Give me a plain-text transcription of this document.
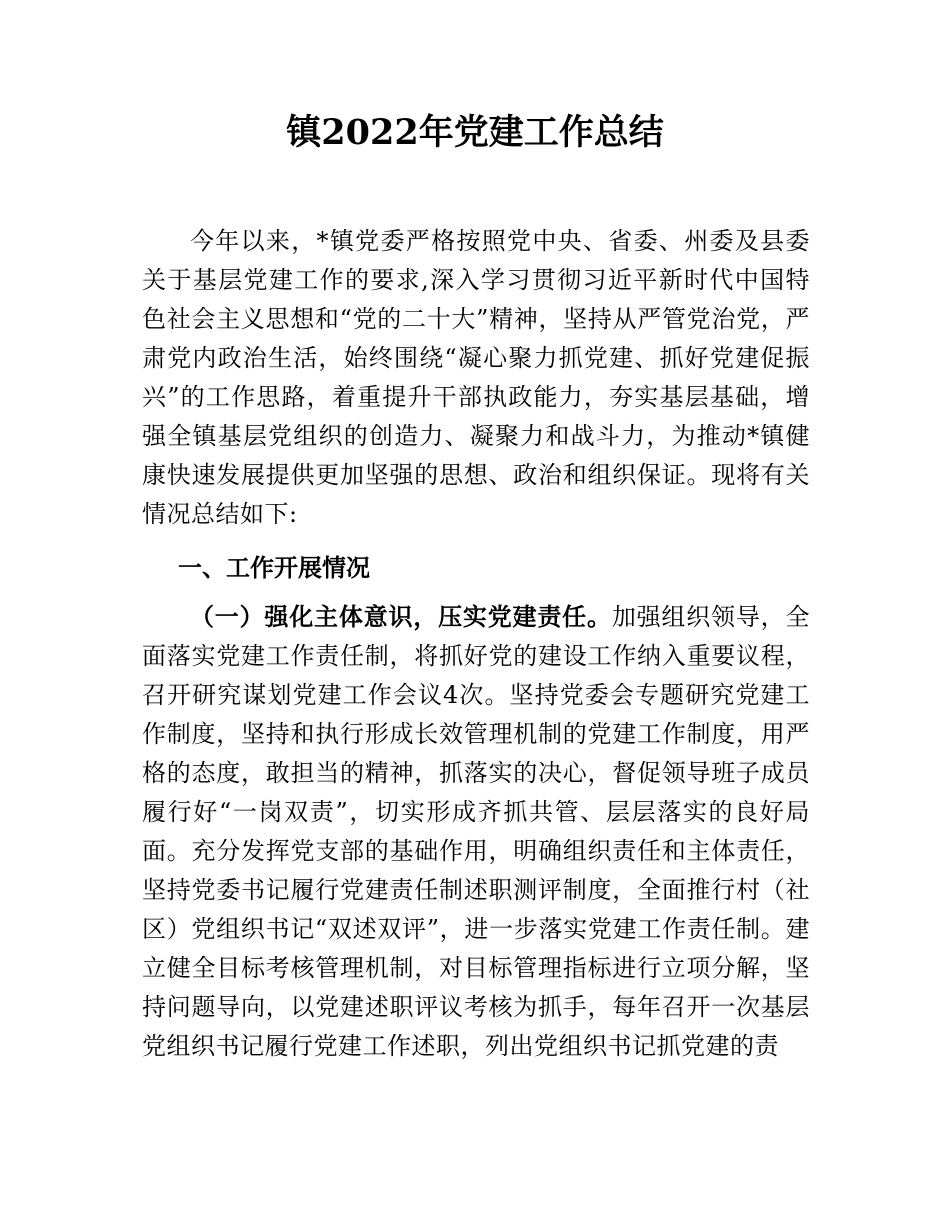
镇2022年党建工作总结

今年以来，*镇党委严格按照党中央、省委、州委及县委关于基层党建工作的要求,深入学习贯彻习近平新时代中国特色社会主义思想和“党的二十大”精神，坚持从严管党治党，严肃党内政治生活，始终围绕“凝心聚力抓党建、抓好党建促振兴”的工作思路，着重提升干部执政能力，夯实基层基础，增强全镇基层党组织的创造力、凝聚力和战斗力，为推动*镇健康快速发展提供更加坚强的思想、政治和组织保证。现将有关情况总结如下:

一、工作开展情况

（一）强化主体意识，压实党建责任。加强组织领导，全面落实党建工作责任制，将抓好党的建设工作纳入重要议程，召开研究谋划党建工作会议4次。坚持党委会专题研究党建工作制度，坚持和执行形成长效管理机制的党建工作制度，用严格的态度，敢担当的精神，抓落实的决心，督促领导班子成员履行好“一岗双责”，切实形成齐抓共管、层层落实的良好局面。充分发挥党支部的基础作用，明确组织责任和主体责任，坚持党委书记履行党建责任制述职测评制度，全面推行村（社区）党组织书记“双述双评”，进一步落实党建工作责任制。建立健全目标考核管理机制，对目标管理指标进行立项分解，坚持问题导向，以党建述职评议考核为抓手，每年召开一次基层党组织书记履行党建工作述职，列出党组织书记抓党建的责
